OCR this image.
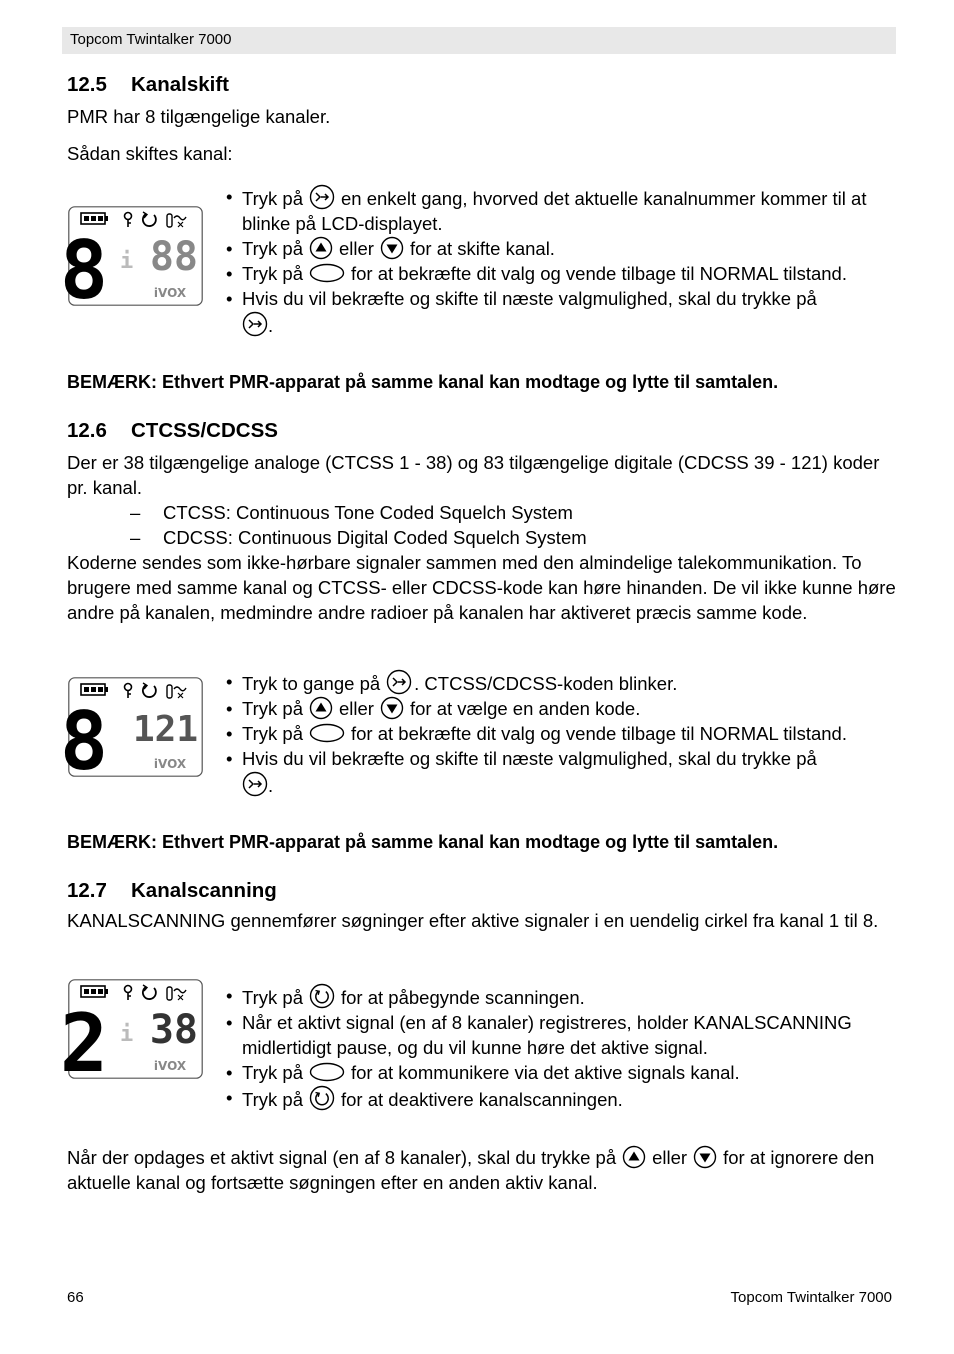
Topcom Twintalker 7000
12.5 Kanalskift
PMR har 8 tilgængelige kanaler.
Sådan skiftes kanal:
8 i 88
iVOX
• Tryk på en enkelt gang, hvorved det aktuelle kanalnummer kommer til at blinke på LCD-displayet.
• Tryk på eller for at skifte kanal.
• Tryk på	for at bekræfte dit valg og vende tilbage til NORMAL tilstand.
• Hvis du vil bekræfte og skifte til næste valgmulighed, skal du trykke på
.
BEMÆRK: Ethvert PMR-apparat på samme kanal kan modtage og lytte til samtalen.
12.6 CTCSS/CDCSS
Der er 38 tilgængelige analoge (CTCSS 1 - 38) og 83 tilgængelige digitale (CDCSS 39 - 121) koder pr. kanal.
– CTCSS: Continuous Tone Coded Squelch System
– CDCSS: Continuous Digital Coded Squelch System
Koderne sendes som ikke-hørbare signaler sammen med den almindelige talekommunikation. To brugere med samme kanal og CTCSS- eller CDCSS-kode kan høre hinanden. De vil ikke kunne høre andre på kanalen, medmindre andre radioer på kanalen har aktiveret præcis samme kode.
8 121
iVOX
• Tryk to gange på . CTCSS/CDCSS-koden blinker.
• Tryk på eller for at vælge en anden kode.
• Tryk på	for at bekræfte dit valg og vende tilbage til NORMAL tilstand.
• Hvis du vil bekræfte og skifte til næste valgmulighed, skal du trykke på
.
BEMÆRK: Ethvert PMR-apparat på samme kanal kan modtage og lytte til samtalen.
12.7 Kanalscanning
KANALSCANNING gennemfører søgninger efter aktive signaler i en uendelig cirkel fra kanal 1 til 8.
2 i 38
iVOX
• Tryk på for at påbegynde scanningen.
• Når et aktivt signal (en af 8 kanaler) registreres, holder KANALSCANNING midlertidigt pause, og du vil kunne høre det aktive signal.
• Tryk på	for at kommunikere via det aktive signals kanal.
• Tryk på for at deaktivere kanalscanningen.
Når der opdages et aktivt signal (en af 8 kanaler), skal du trykke på eller for at ignorere den aktuelle kanal og fortsætte søgningen efter en anden aktiv kanal.
66	Topcom Twintalker 7000
